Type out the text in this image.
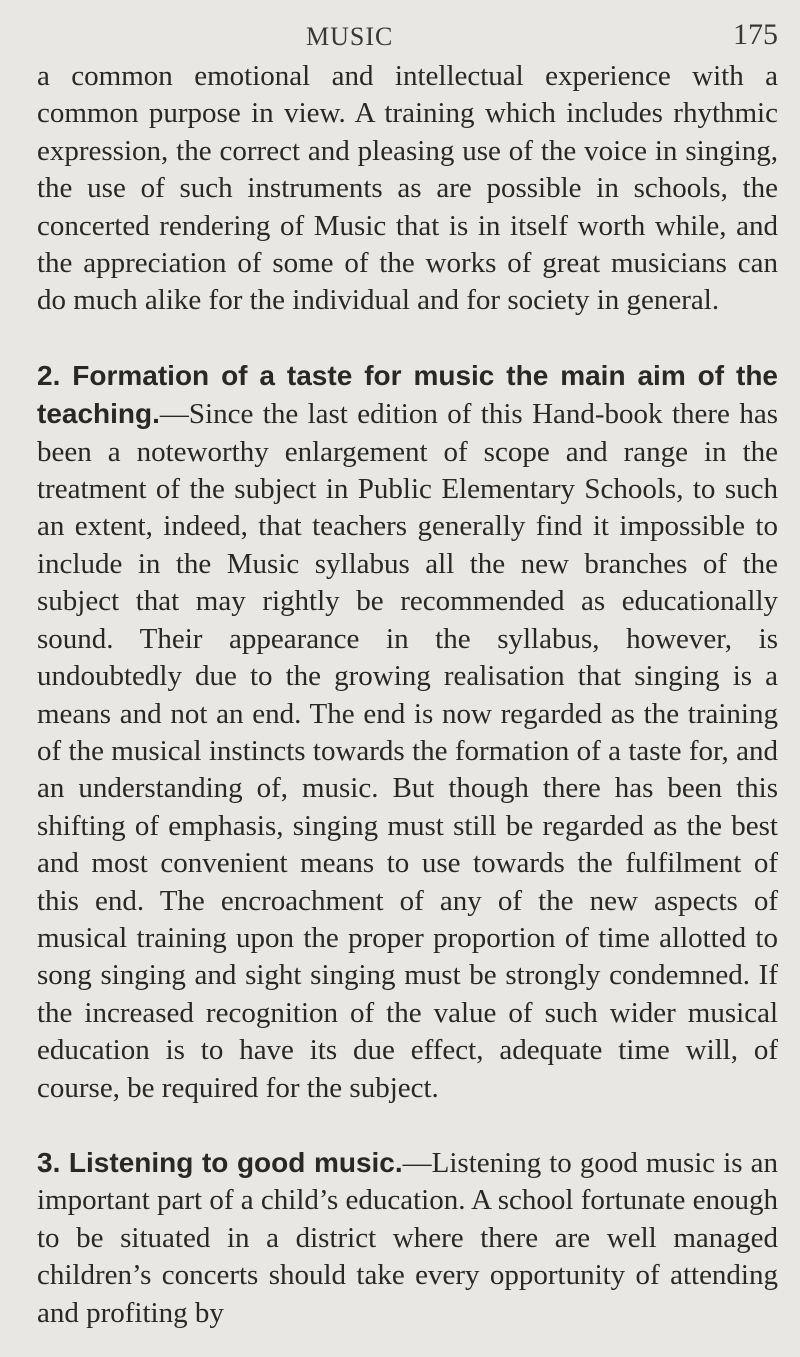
MUSIC	175

a common emotional and intellectual experience with a common purpose in view. A training which includes rhythmic expression, the correct and pleasing use of the voice in singing, the use of such instruments as are possible in schools, the concerted rendering of Music that is in itself worth while, and the appreciation of some of the works of great musicians can do much alike for the individual and for society in general.

2. Formation of a taste for music the main aim of the teaching.—Since the last edition of this Hand-book there has been a noteworthy enlargement of scope and range in the treatment of the subject in Public Elementary Schools, to such an extent, indeed, that teachers generally find it impossible to include in the Music syllabus all the new branches of the subject that may rightly be recommended as educationally sound. Their appearance in the syllabus, however, is undoubtedly due to the growing realisation that singing is a means and not an end. The end is now regarded as the training of the musical instincts towards the formation of a taste for, and an understanding of, music. But though there has been this shifting of emphasis, singing must still be regarded as the best and most convenient means to use towards the fulfilment of this end. The encroachment of any of the new aspects of musical training upon the proper proportion of time allotted to song singing and sight singing must be strongly condemned. If the increased recognition of the value of such wider musical education is to have its due effect, adequate time will, of course, be required for the subject.

3. Listening to good music.—Listening to good music is an important part of a child’s education. A school fortunate enough to be situated in a district where there are well managed children’s concerts should take every opportunity of attending and profiting by
